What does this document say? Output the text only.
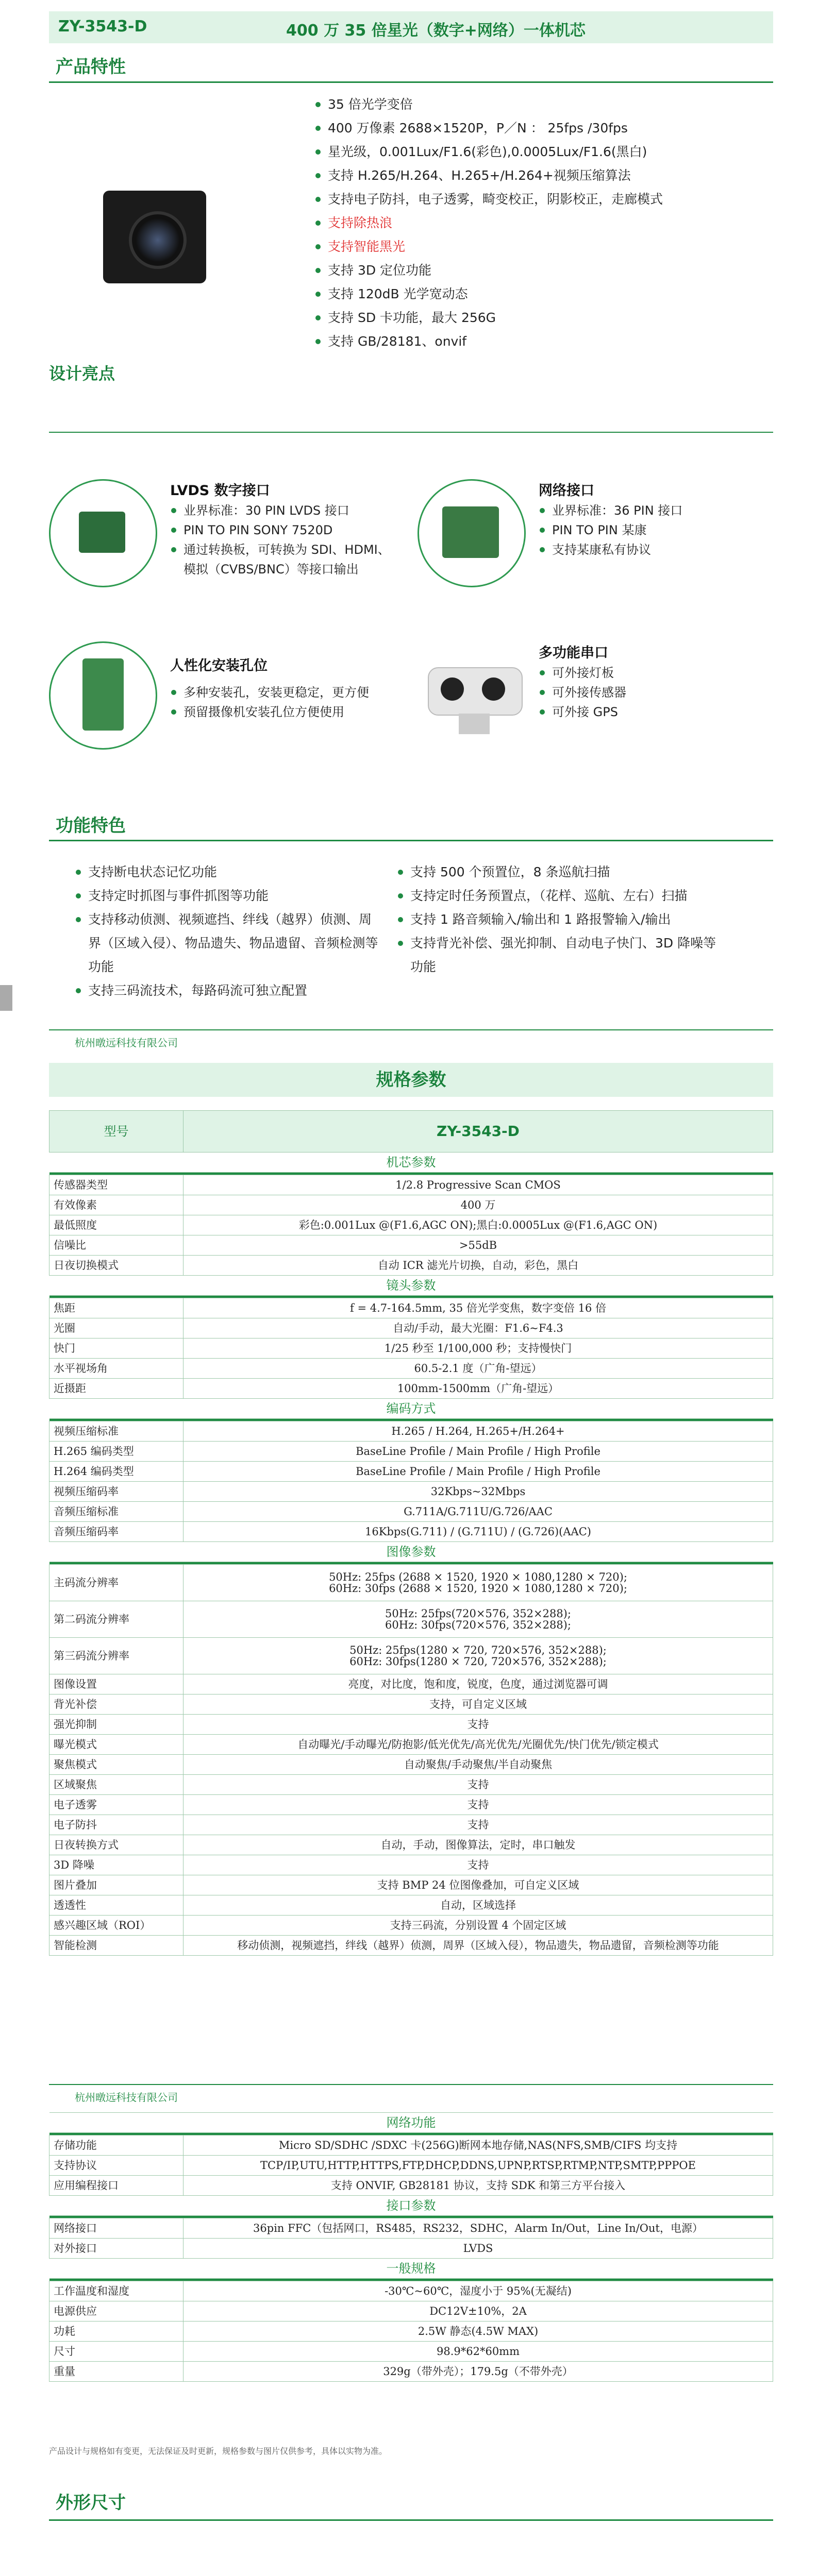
ZY-3543-D	400 万 35 倍星光（数字+网络）一体机芯
产品特性
35 倍光学变倍
400 万像素 2688×1520P，P／N ： 25fps /30fps
星光级，0.001Lux/F1.6(彩色),0.0005Lux/F1.6(黑白)
支持 H.265/H.264、H.265+/H.264+视频压缩算法
支持电子防抖，电子透雾，畸变校正，阴影校正，走廊模式
支持除热浪
支持智能黑光
支持 3D 定位功能
支持 120dB 光学宽动态
支持 SD 卡功能，最大 256G
支持 GB/28181、onvif
设计亮点
LVDS 数字接口
业界标准：30 PIN LVDS 接口
PIN TO PIN SONY 7520D
通过转换板，可转换为 SDI、HDMI、模拟（CVBS/BNC）等接口输出
网络接口
业界标准：36 PIN 接口
PIN TO PIN 某康
支持某康私有协议
人性化安装孔位
多种安装孔，安装更稳定，更方便
预留摄像机安装孔位方便使用
多功能串口
可外接灯板
可外接传感器
可外接 GPS
功能特色
支持断电状态记忆功能
支持定时抓图与事件抓图等功能
支持移动侦测、视频遮挡、绊线（越界）侦测、周界（区域入侵）、物品遗失、物品遗留、音频检测等功能
支持三码流技术，每路码流可独立配置
支持 500 个预置位，8 条巡航扫描
支持定时任务预置点，（花样、巡航、左右）扫描
支持 1 路音频输入/输出和 1 路报警输入/输出
支持背光补偿、强光抑制、自动电子快门、3D 降噪等功能
杭州暾远科技有限公司
规格参数
型号	ZY-3543-D
机芯参数	

传感器类型	1/2.8 Progressive Scan CMOS
有效像素	400 万
最低照度	彩色:0.001Lux @(F1.6,AGC ON);黑白:0.0005Lux @(F1.6,AGC ON)
信噪比	>55dB
日夜切换模式	自动 ICR 滤光片切换，自动，彩色，黑白
镜头参数	

焦距	f = 4.7-164.5mm, 35 倍光学变焦，数字变倍 16 倍
光圈	自动/手动，最大光圈：F1.6~F4.3
快门	1/25 秒至 1/100,000 秒；支持慢快门
水平视场角	60.5-2.1 度（广角-望远）
近摄距	100mm-1500mm（广角-望远）
编码方式	

视频压缩标准	H.265 / H.264, H.265+/H.264+
H.265 编码类型	BaseLine Profile / Main Profile / High Profile
H.264 编码类型	BaseLine Profile / Main Profile / High Profile
视频压缩码率	32Kbps~32Mbps
音频压缩标准	G.711A/G.711U/G.726/AAC
音频压缩码率	16Kbps(G.711) / (G.711U) / (G.726)(AAC)
图像参数	

主码流分辨率	50Hz: 25fps (2688 × 1520, 1920 × 1080,1280 × 720);
60Hz: 30fps (2688 × 1520, 1920 × 1080,1280 × 720);
第二码流分辨率	50Hz: 25fps(720×576, 352×288);
60Hz: 30fps(720×576, 352×288);
第三码流分辨率	50Hz: 25fps(1280 × 720, 720×576, 352×288);
60Hz: 30fps(1280 × 720, 720×576, 352×288);
图像设置	亮度，对比度，饱和度，锐度，色度，通过浏览器可调
背光补偿	支持，可自定义区域
强光抑制	支持
曝光模式	自动曝光/手动曝光/防抱影/低光优先/高光优先/光圈优先/快门优先/锁定模式
聚焦模式	自动聚焦/手动聚焦/半自动聚焦
区域聚焦	支持
电子透雾	支持
电子防抖	支持
日夜转换方式	自动，手动，图像算法，定时，串口触发
3D 降噪	支持
图片叠加	支持 BMP 24 位图像叠加，可自定义区域
透透性	自动，区域选择
感兴趣区域（ROI）	支持三码流，分别设置 4 个固定区域
智能检测	移动侦测，视频遮挡，绊线（越界）侦测，周界（区域入侵），物品遗失，物品遗留，音频检测等功能
杭州暾远科技有限公司
网络功能	

存储功能	Micro SD/SDHC /SDXC 卡(256G)断网本地存储,NAS(NFS,SMB/CIFS 均支持
支持协议	TCP/IP,UTU,HTTP,HTTPS,FTP,DHCP,DDNS,UPNP,RTSP,RTMP,NTP,SMTP,PPPOE
应用编程接口	支持 ONVIF, GB28181 协议，支持 SDK 和第三方平台接入
接口参数	

网络接口	36pin FFC（包括网口，RS485，RS232，SDHC，Alarm In/Out，Line In/Out，电源）
对外接口	LVDS
一般规格	

工作温度和湿度	-30℃~60℃，湿度小于 95%(无凝结)
电源供应	DC12V±10%，2A
功耗	2.5W 静态(4.5W MAX)
尺寸	98.9*62*60mm
重量	329g（带外壳）；179.5g（不带外壳）
产品设计与规格如有变更，无法保证及时更新，规格参数与图片仅供参考，具体以实物为准。
外形尺寸
